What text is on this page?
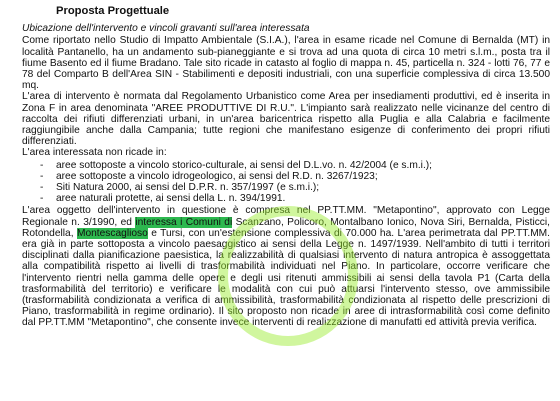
Proposta Progettuale
Ubicazione dell'intervento e vincoli gravanti sull'area interessata

Come riportato nello Studio di Impatto Ambientale (S.I.A.), l'area in esame ricade nel Comune di Bernalda (MT) in località Pantanello, ha un andamento sub-pianeggiante e si trova ad una quota di circa 10 metri s.l.m., posta tra il fiume Basento ed il fiume Bradano. Tale sito ricade in catasto al foglio di mappa n. 45, particella n. 324 - lotti 76, 77 e 78 del Comparto B dell'Area SIN - Stabilimenti e depositi industriali, con una superficie complessiva di circa 13.500 mq.

L'area di intervento è normata dal Regolamento Urbanistico come Area per insediamenti produttivi, ed è inserita in Zona F in area denominata "AREE PRODUTTIVE DI R.U.". L'impianto sarà realizzato nelle vicinanze del centro di raccolta dei rifiuti differenziati urbani, in un'area baricentrica rispetto alla Puglia e alla Calabria e facilmente raggiungibile anche dalla Campania; tutte regioni che manifestano esigenze di conferimento dei propri rifiuti differenziati.

L'area interessata non ricade in:

- aree sottoposte a vincolo storico-culturale, ai sensi del D.L.vo. n. 42/2004 (e s.m.i.);
- aree sottoposte a vincolo idrogeologico, ai sensi del R.D. n. 3267/1923;
- Siti Natura 2000, ai sensi del D.P.R. n. 357/1997 (e s.m.i.);
- aree naturali protette, ai sensi della L. n. 394/1991.

L'area oggetto dell'intervento in questione è compresa nel PP.TT.MM. "Metapontino", approvato con Legge Regionale n. 3/1990, ed interessa i Comuni di Scanzano, Policoro, Montalbano Ionico, Nova Siri, Bernalda, Pisticci, Rotondella, Montescaglioso e Tursi, con un'estensione complessiva di 70.000 ha. L'area perimetrata dal PP.TT.MM. era già in parte sottoposta a vincolo paesaggistico ai sensi della Legge n. 1497/1939. Nell'ambito di tutti i territori disciplinati dalla pianificazione paesistica, la realizzabilità di qualsiasi intervento di natura antropica è assoggettata alla compatibilità rispetto ai livelli di trasformabilità individuati nel Piano. In particolare, occorre verificare che l'intervento rientri nella gamma delle opere e degli usi ritenuti ammissibili ai sensi della tavola P1 (Carta della trasformabilità del territorio) e verificare le modalità con cui può attuarsi l'intervento stesso, ove ammissibile (trasformabilità condizionata a verifica di ammissibilità, trasformabilità condizionata al rispetto delle prescrizioni di Piano, trasformabilità in regime ordinario). Il sito proposto non ricade in aree di intrasformabilità così come definito dal PP.TT.MM "Metapontino", che consente invece interventi di realizzazione di manufatti ed attività previa verifica.
